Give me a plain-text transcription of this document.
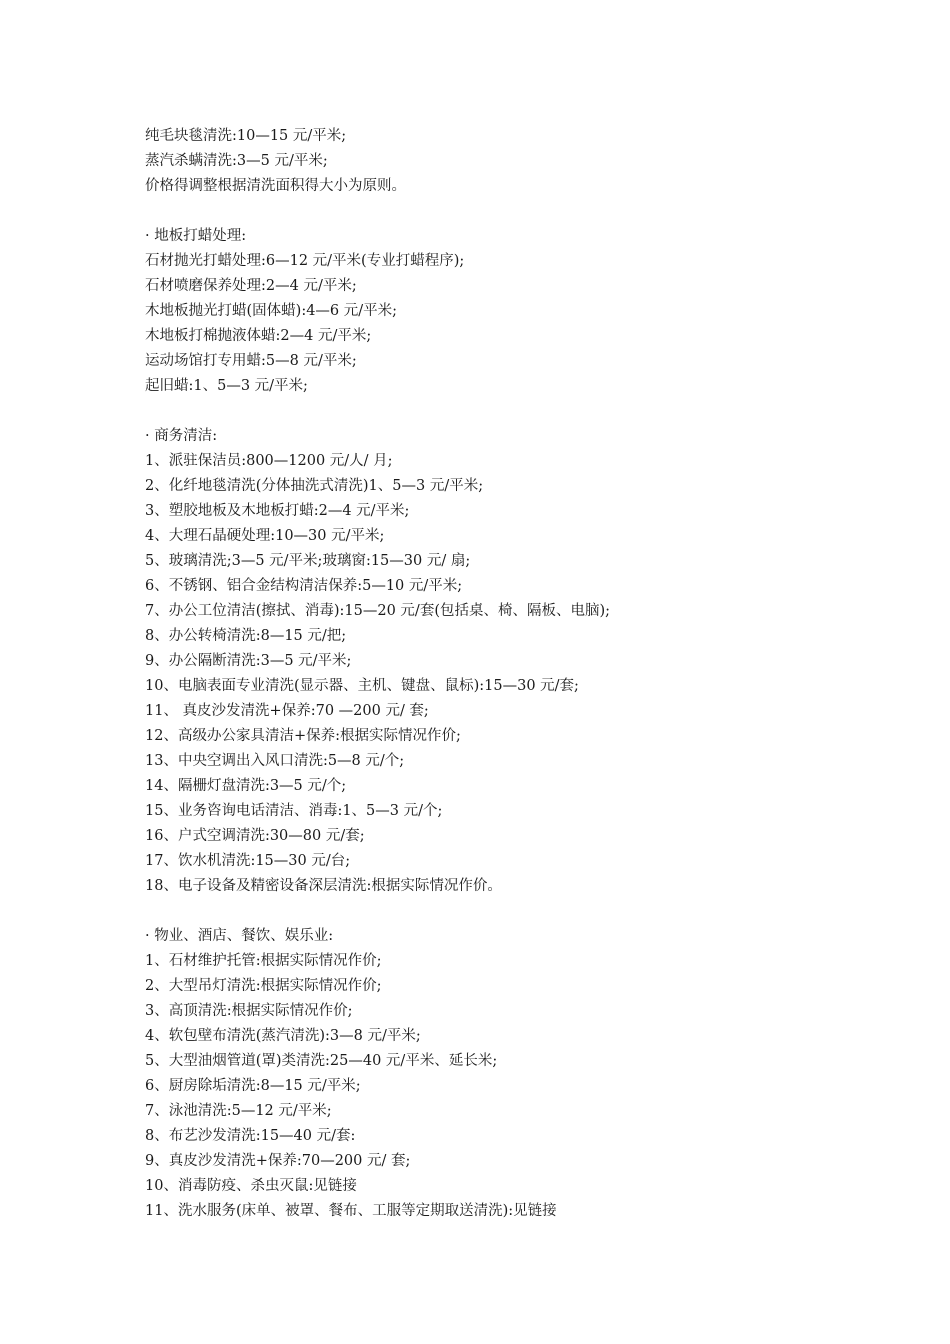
纯毛块毯清洗:10—15 元/平米;
蒸汽杀螨清洗:3—5 元/平米;
价格得调整根据清洗面积得大小为原则。
· 地板打蜡处理:
石材抛光打蜡处理:6—12 元/平米(专业打蜡程序);
石材喷磨保养处理:2—4 元/平米;
木地板抛光打蜡(固体蜡):4—6 元/平米;
木地板打棉抛液体蜡:2—4 元/平米;
运动场馆打专用蜡:5—8 元/平米;
起旧蜡:1、5—3 元/平米;
· 商务清洁:
1、派驻保洁员:800—1200 元/人/ 月;
2、化纤地毯清洗(分体抽洗式清洗)1、5—3 元/平米;
3、塑胶地板及木地板打蜡:2—4 元/平米;
4、大理石晶硬处理:10—30 元/平米;
5、玻璃清洗;3—5 元/平米;玻璃窗:15—30 元/ 扇;
6、不锈钢、铝合金结构清洁保养:5—10 元/平米;
7、办公工位清洁(擦拭、消毒):15—20 元/套(包括桌、椅、隔板、电脑);
8、办公转椅清洗:8—15 元/把;
9、办公隔断清洗:3—5 元/平米;
10、电脑表面专业清洗(显示器、主机、键盘、鼠标):15—30 元/套;
11、 真皮沙发清洗+保养:70 —200 元/ 套;
12、高级办公家具清洁+保养:根据实际情况作价;
13、中央空调出入风口清洗:5—8 元/个;
14、隔栅灯盘清洗:3—5 元/个;
15、业务咨询电话清洁、消毒:1、5—3 元/个;
16、户式空调清洗:30—80 元/套;
17、饮水机清洗:15—30 元/台;
18、电子设备及精密设备深层清洗:根据实际情况作价。
· 物业、酒店、餐饮、娱乐业:
1、石材维护托管:根据实际情况作价;
2、大型吊灯清洗:根据实际情况作价;
3、高顶清洗:根据实际情况作价;
4、软包壁布清洗(蒸汽清洗):3—8 元/平米;
5、大型油烟管道(罩)类清洗:25—40 元/平米、延长米;
6、厨房除垢清洗:8—15 元/平米;
7、泳池清洗:5—12 元/平米;
8、布艺沙发清洗:15—40 元/套:
9、真皮沙发清洗+保养:70—200 元/ 套;
10、消毒防疫、杀虫灭鼠:见链接
11、洗水服务(床单、被罩、餐布、工服等定期取送清洗):见链接
